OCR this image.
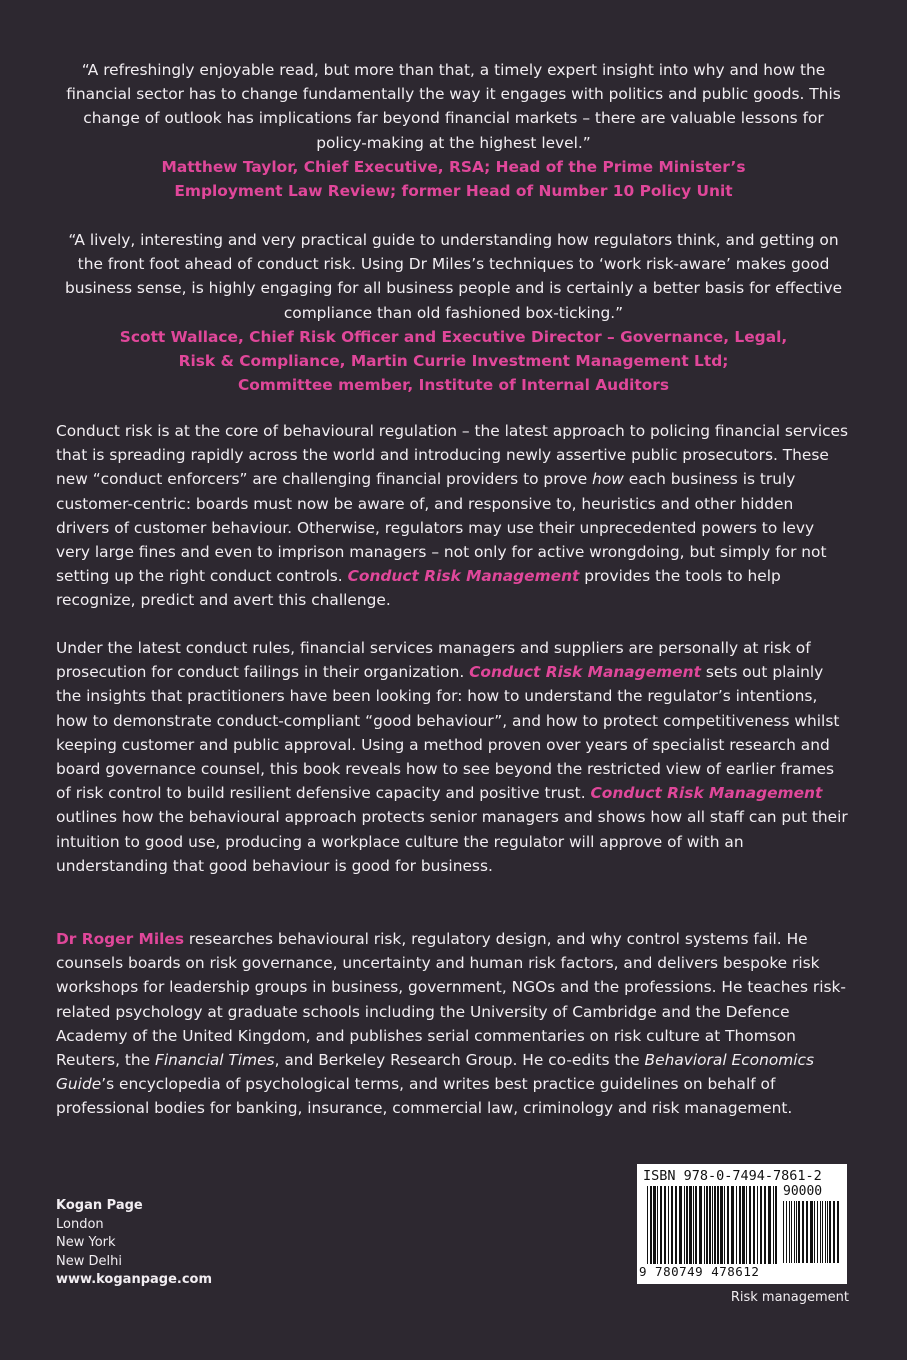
“A refreshingly enjoyable read, but more than that, a timely expert insight into why and how the financial sector has to change fundamentally the way it engages with politics and public goods. This change of outlook has implications far beyond financial markets – there are valuable lessons for policy-making at the highest level.”

Matthew Taylor, Chief Executive, RSA; Head of the Prime Minister’s
Employment Law Review; former Head of Number 10 Policy Unit

“A lively, interesting and very practical guide to understanding how regulators think, and getting on the front foot ahead of conduct risk. Using Dr Miles’s techniques to ‘work risk-aware’ makes good business sense, is highly engaging for all business people and is certainly a better basis for effective compliance than old fashioned box-ticking.”

Scott Wallace, Chief Risk Officer and Executive Director – Governance, Legal,
Risk & Compliance, Martin Currie Investment Management Ltd;
Committee member, Institute of Internal Auditors

Conduct risk is at the core of behavioural regulation – the latest approach to policing financial services that is spreading rapidly across the world and introducing newly assertive public prosecutors. These new “conduct enforcers” are challenging financial providers to prove how each business is truly customer-centric: boards must now be aware of, and responsive to, heuristics and other hidden drivers of customer behaviour. Otherwise, regulators may use their unprecedented powers to levy very large fines and even to imprison managers – not only for active wrongdoing, but simply for not setting up the right conduct controls. Conduct Risk Management provides the tools to help recognize, predict and avert this challenge.

Under the latest conduct rules, financial services managers and suppliers are personally at risk of prosecution for conduct failings in their organization. Conduct Risk Management sets out plainly the insights that practitioners have been looking for: how to understand the regulator’s intentions, how to demonstrate conduct-compliant “good behaviour”, and how to protect competitiveness whilst keeping customer and public approval. Using a method proven over years of specialist research and board governance counsel, this book reveals how to see beyond the restricted view of earlier frames of risk control to build resilient defensive capacity and positive trust. Conduct Risk Management outlines how the behavioural approach protects senior managers and shows how all staff can put their intuition to good use, producing a workplace culture the regulator will approve of with an understanding that good behaviour is good for business.

Dr Roger Miles researches behavioural risk, regulatory design, and why control systems fail. He counsels boards on risk governance, uncertainty and human risk factors, and delivers bespoke risk workshops for leadership groups in business, government, NGOs and the professions. He teaches risk-related psychology at graduate schools including the University of Cambridge and the Defence Academy of the United Kingdom, and publishes serial commentaries on risk culture at Thomson Reuters, the Financial Times, and Berkeley Research Group. He co-edits the Behavioral Economics Guide’s encyclopedia of psychological terms, and writes best practice guidelines on behalf of professional bodies for banking, insurance, commercial law, criminology and risk management.

Kogan Page
London
New York
New Delhi
www.koganpage.com
ISBN 978-0-7494-7861-2
90000
9 780749 478612
Risk management
